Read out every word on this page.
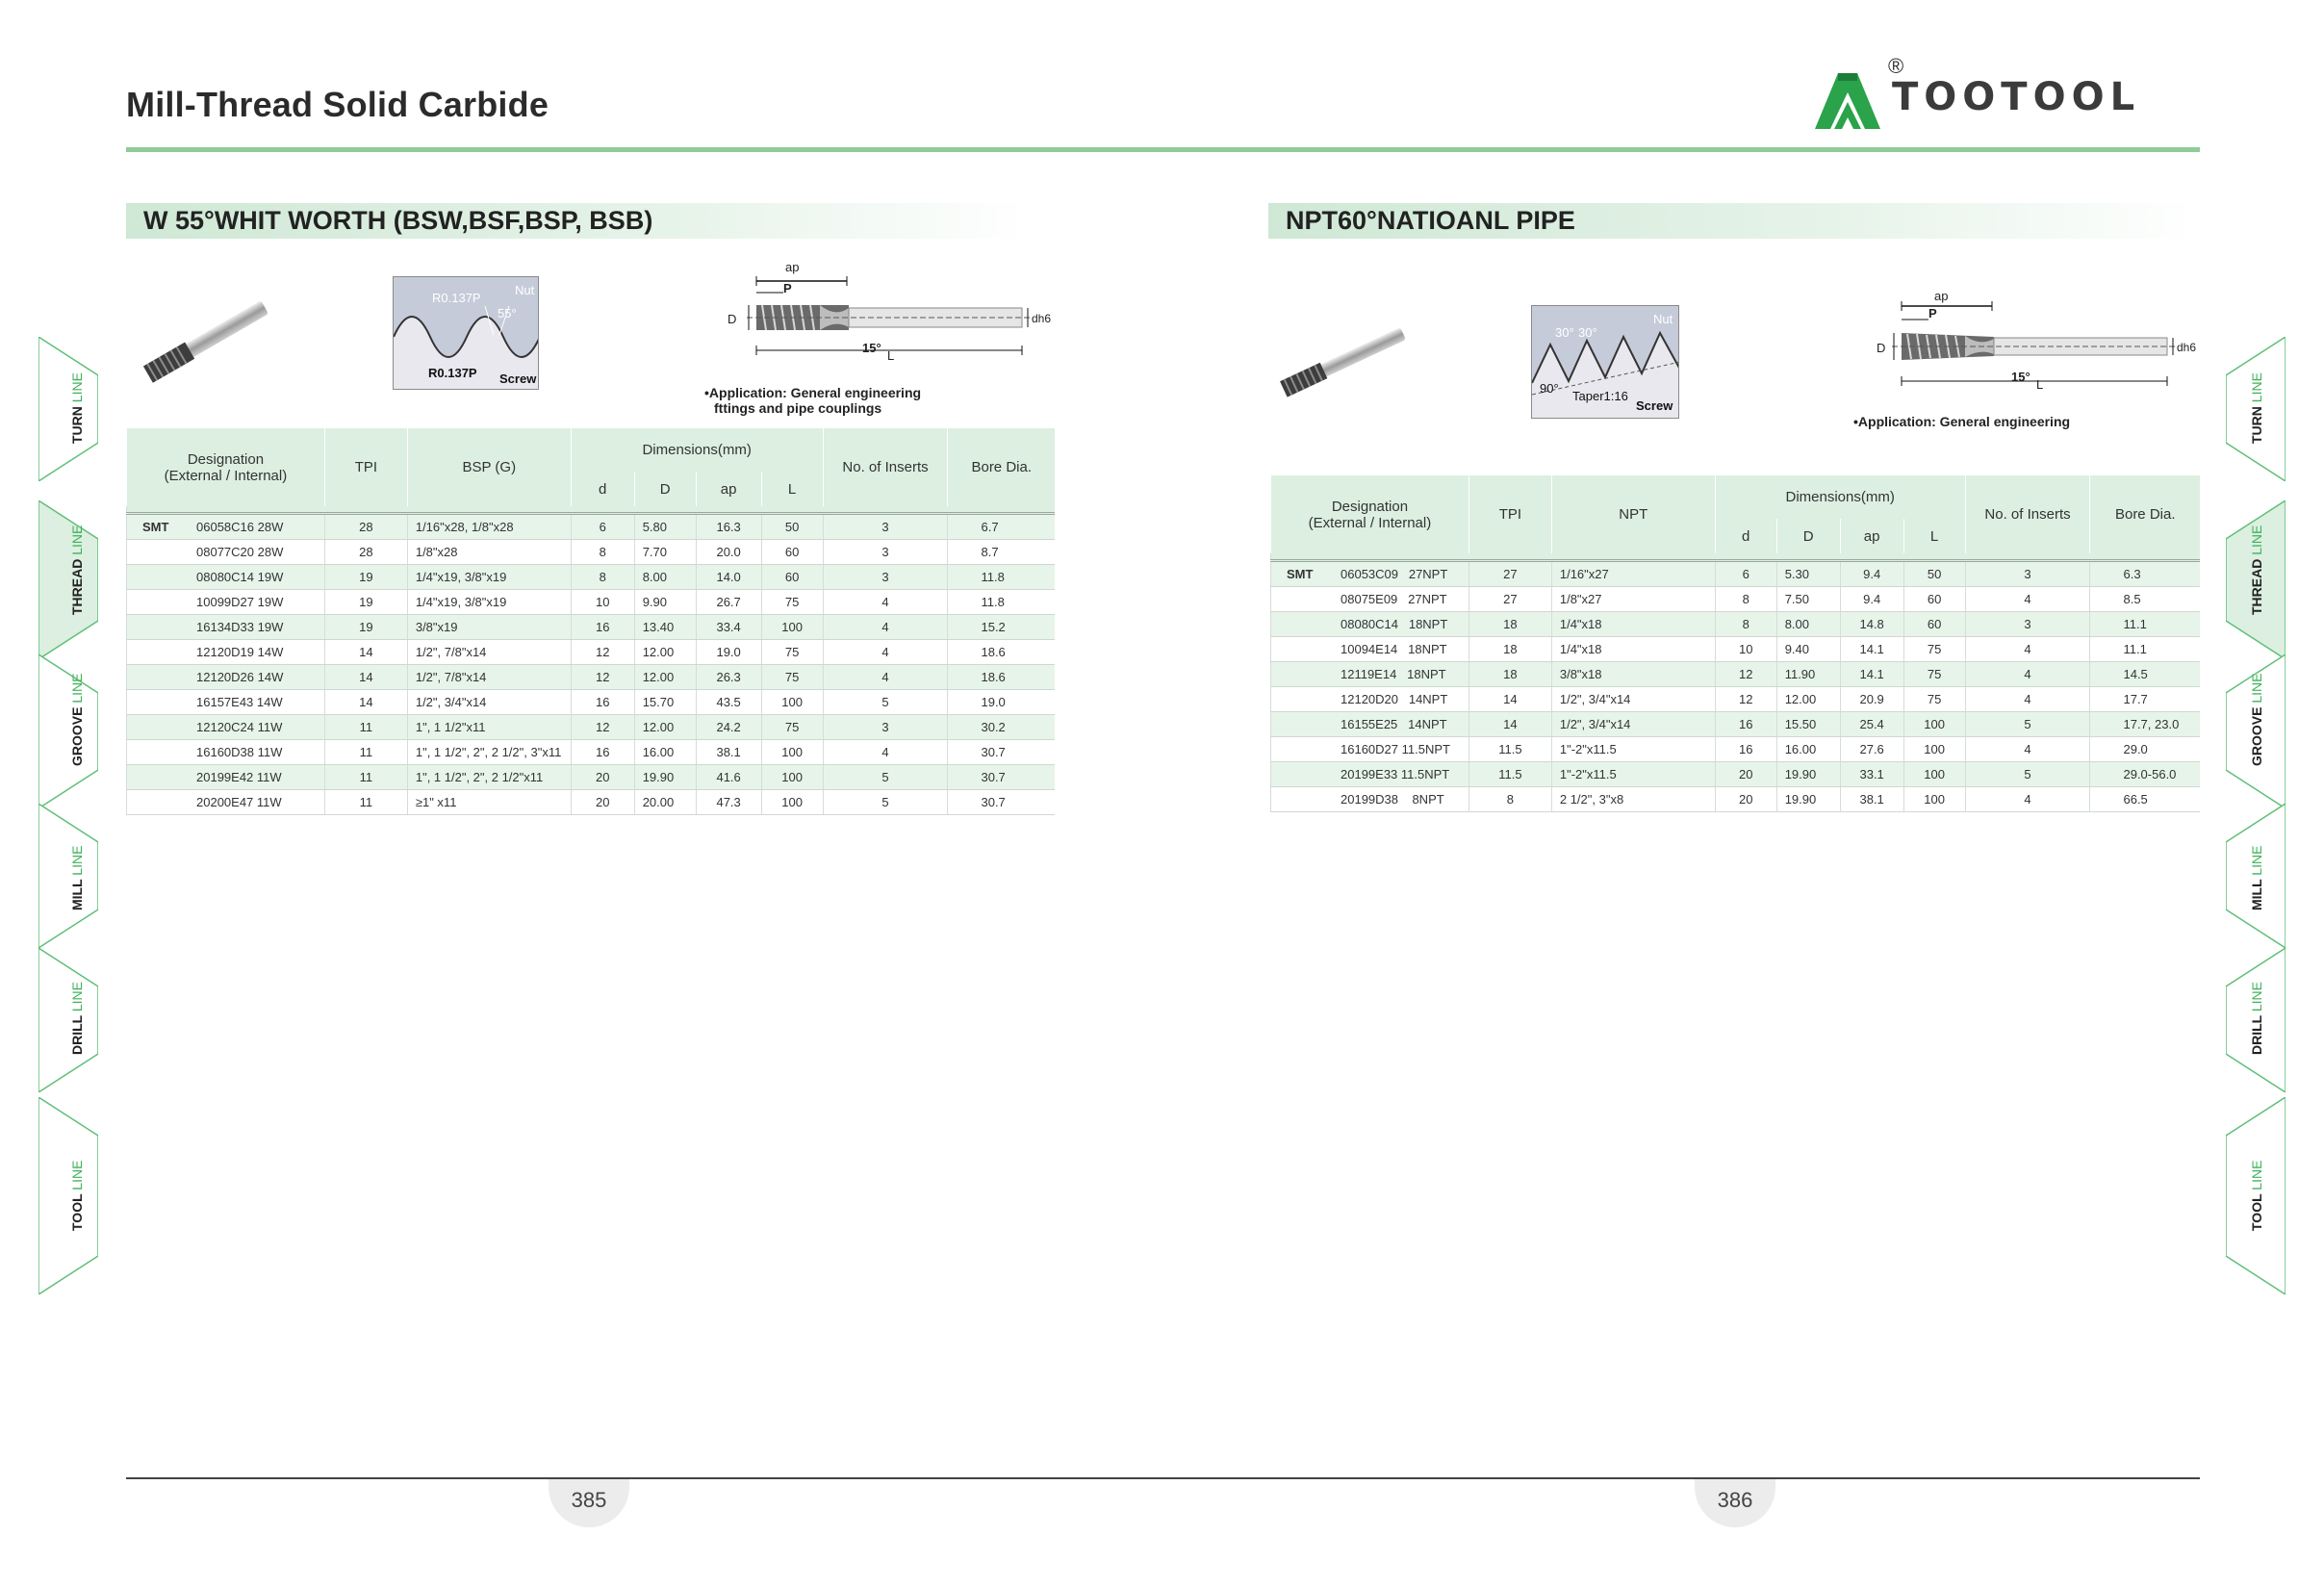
Mill-Thread Solid Carbide
®
TOOTOOL
W 55°WHIT WORTH (BSW,BSF,BSP, BSB)
R0.137P
Nut
55°
R0.137P Screw
ap
P
D	dh6
15°
L
•Application: General engineering
fttings and pipe couplings
Designation
(External / Internal)	TPI	BSP (G)	Dimensions(mm)				No. of Inserts	Bore Dia.
			d	D	ap	L		

SMT 06058C16 28W	28	1/16"x28, 1/8"x28	6	5.80	16.3	50	3	6.7
08077C20 28W	28	1/8"x28	8	7.70	20.0	60	3	8.7
08080C14 19W	19	1/4"x19, 3/8"x19	8	8.00	14.0	60	3	11.8
10099D27 19W	19	1/4"x19, 3/8"x19	10	9.90	26.7	75	4	11.8
16134D33 19W	19	3/8"x19	16	13.40	33.4	100	4	15.2
12120D19 14W	14	1/2", 7/8"x14	12	12.00	19.0	75	4	18.6
12120D26 14W	14	1/2", 7/8"x14	12	12.00	26.3	75	4	18.6
16157E43 14W	14	1/2", 3/4"x14	16	15.70	43.5	100	5	19.0
12120C24 11W	11	1", 1 1/2"x11	12	12.00	24.2	75	3	30.2
16160D38 11W	11	1", 1 1/2", 2", 2 1/2", 3"x11	16	16.00	38.1	100	4	30.7
20199E42 11W	11	1", 1 1/2", 2", 2 1/2"x11	20	19.90	41.6	100	5	30.7
20200E47 11W	11	≥1" x11	20	20.00	47.3	100	5	30.7
NPT60°NATIOANL PIPE
30° 30°
Nut
90°
Taper1:16
Screw
ap
P
D	dh6
15°
L
•Application: General engineering
Designation
(External / Internal)	TPI	NPT	Dimensions(mm)				No. of Inserts	Bore Dia.
			d	D	ap	L		

SMT 06053C09   27NPT	27	1/16"x27	6	5.30	9.4	50	3	6.3
08075E09   27NPT	27	1/8"x27	8	7.50	9.4	60	4	8.5
08080C14   18NPT	18	1/4"x18	8	8.00	14.8	60	3	11.1
10094E14   18NPT	18	1/4"x18	10	9.40	14.1	75	4	11.1
12119E14   18NPT	18	3/8"x18	12	11.90	14.1	75	4	14.5
12120D20   14NPT	14	1/2", 3/4"x14	12	12.00	20.9	75	4	17.7
16155E25   14NPT	14	1/2", 3/4"x14	16	15.50	25.4	100	5	17.7, 23.0
16160D27 11.5NPT	11.5	1"-2"x11.5	16	16.00	27.6	100	4	29.0
20199E33 11.5NPT	11.5	1"-2"x11.5	20	19.90	33.1	100	5	29.0-56.0
20199D38    8NPT	8	2 1/2", 3"x8	20	19.90	38.1	100	4	66.5
TURN LINE
THREAD LINE
GROOVE LINE
MILL LINE
DRILL LINE
TOOL LINE
TURN LINE
THREAD LINE
GROOVE LINE
MILL LINE
DRILL LINE
TOOL LINE
385	386
